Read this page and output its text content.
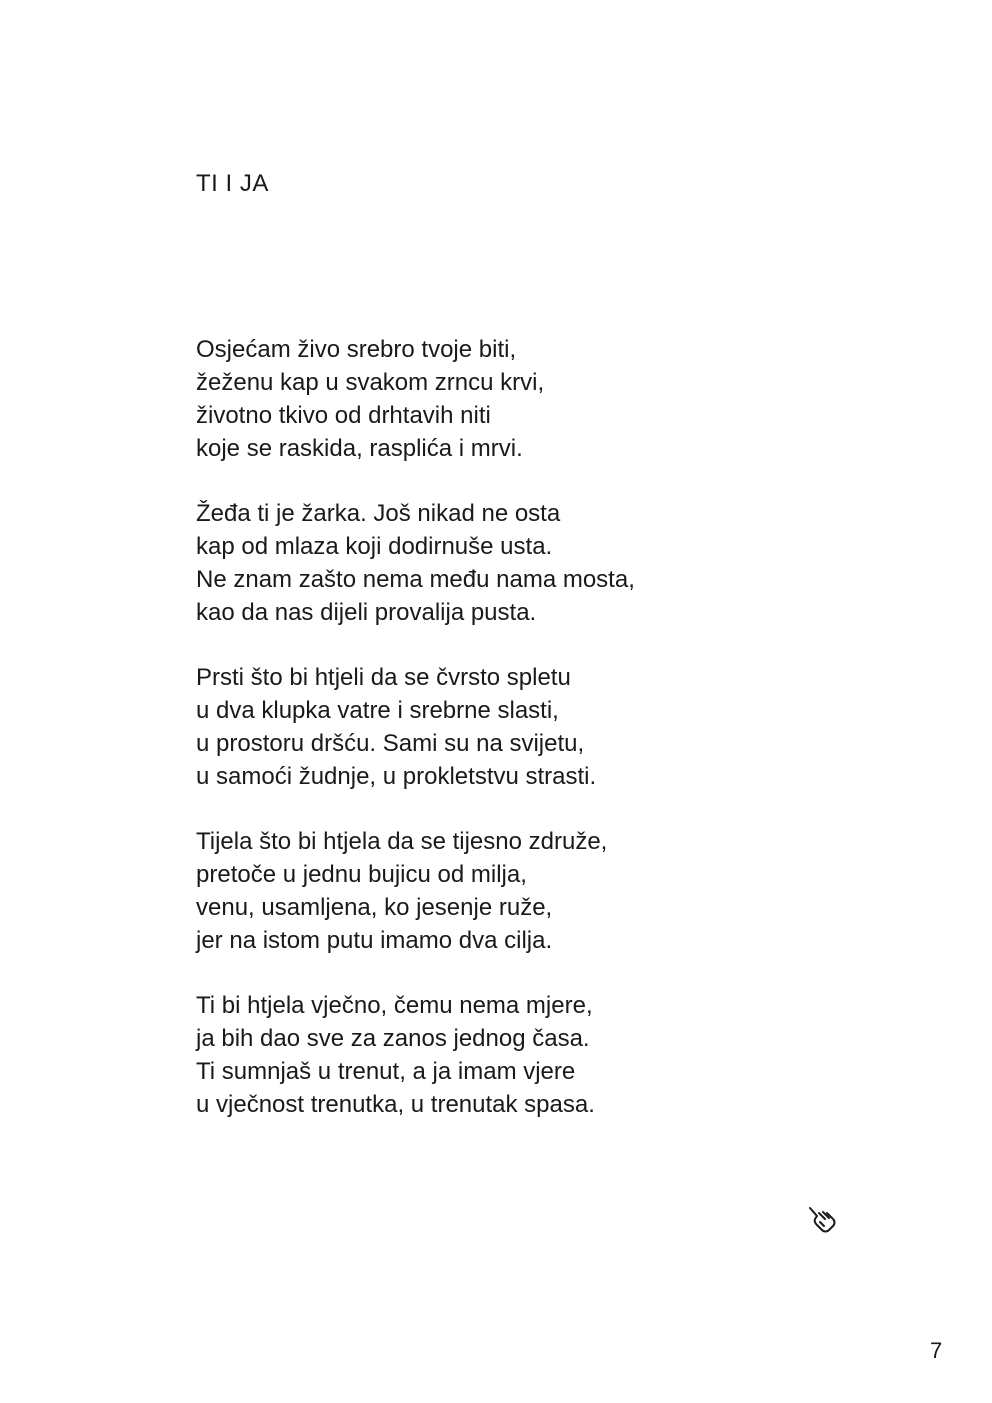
TI I JA

Osjećam živo srebro tvoje biti,
žeženu kap u svakom zrncu krvi,
životno tkivo od drhtavih niti
koje se raskida, rasplića i mrvi.

Žeđa ti je žarka. Još nikad ne osta
kap od mlaza koji dodirnuše usta.
Ne znam zašto nema među nama mosta,
kao da nas dijeli provalija pusta.

Prsti što bi htjeli da se čvrsto spletu
u dva klupka vatre i srebrne slasti,
u prostoru dršću. Sami su na svijetu,
u samoći žudnje, u prokletstvu strasti.

Tijela što bi htjela da se tijesno združe,
pretoče u jednu bujicu od milja,
venu, usamljena, ko jesenje ruže,
jer na istom putu imamo dva cilja.

Ti bi htjela vječno, čemu nema mjere,
ja bih dao sve za zanos jednog časa.
Ti sumnjaš u trenut, a ja imam vjere
u vječnost trenutka, u trenutak spasa.

7
